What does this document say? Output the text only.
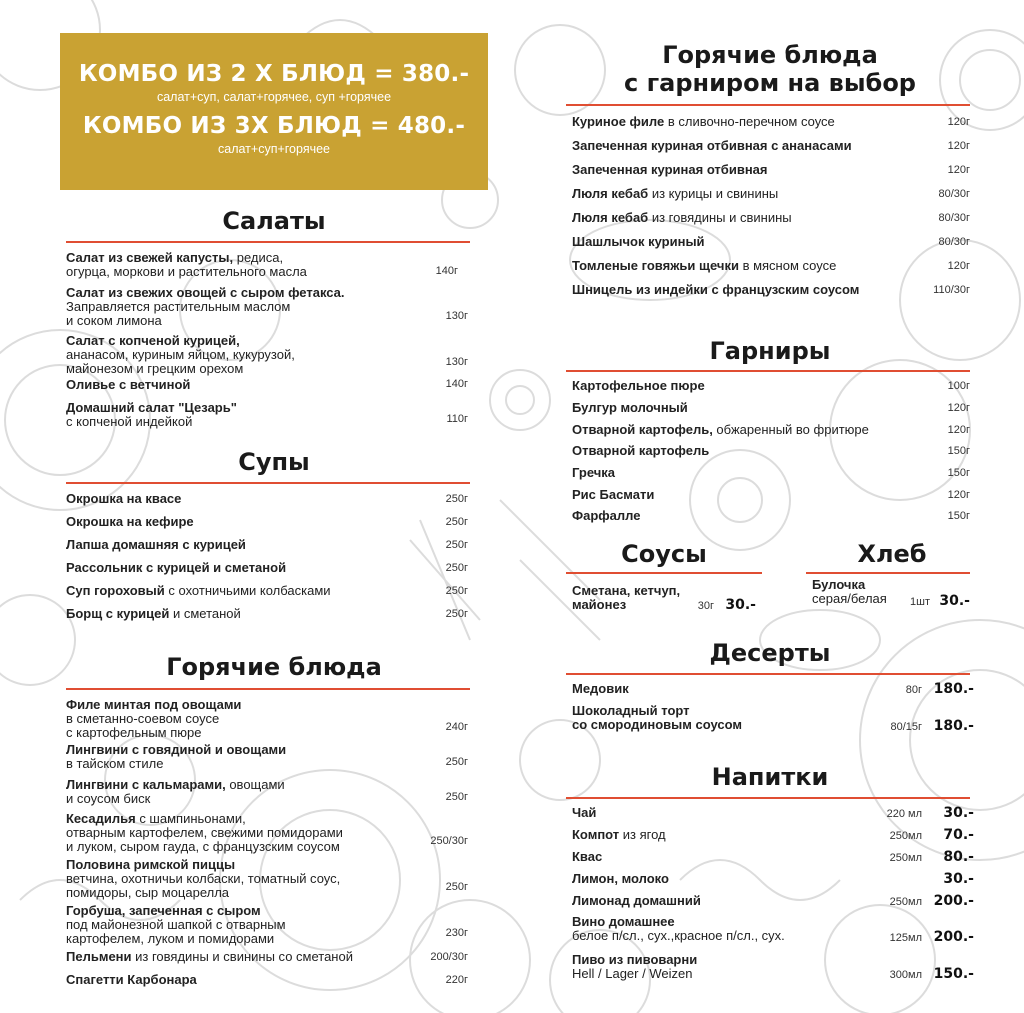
КОМБО ИЗ 2 Х БЛЮД = 380.-
салат+суп, салат+горячее, суп +горячее
КОМБО ИЗ 3Х БЛЮД = 480.-
салат+суп+горячее
Салаты
Салат из свежей капусты, редиса,
огурца, моркови и растительного масла	140г
Салат из свежих овощей с сыром фетакса.
Заправляется растительным маслом
и соком лимона	130г
Салат с копченой курицей,
ананасом, куриным яйцом, кукурузой,
майонезом и грецким орехом	130г
Оливье с ветчиной	140г
Домашний салат "Цезарь"
с копченой индейкой	110г
Супы
Окрошка на квасе	250г
Окрошка на кефире	250г
Лапша домашняя с курицей	250г
Рассольник с курицей и сметаной	250г
Суп гороховый с охотничьими колбасками	250г
Борщ с курицей и сметаной	250г
Горячие блюда
Филе минтая под овощами
в сметанно-соевом соусе
с картофельным пюре	240г
Лингвини с говядиной и овощами
в тайском стиле	250г
Лингвини с кальмарами, овощами
и соусом биск	250г
Кесадилья с шампиньонами,
отварным картофелем, свежими помидорами
и луком, сыром гауда, с французским соусом	250/30г
Половина римской пиццы
ветчина, охотничьи колбаски, томатный соус,
помидоры, сыр моцарелла	250г
Горбуша, запеченная с сыром
под майонезной шапкой с отварным
картофелем, луком и помидорами	230г
Пельмени из говядины и свинины со сметаной	200/30г
Спагетти Карбонара	220г
Горячие блюда
с гарниром на выбор
Куриное филе в сливочно-перечном соусе	120г
Запеченная куриная отбивная с ананасами	120г
Запеченная куриная отбивная	120г
Люля кебаб из курицы и свинины	80/30г
Люля кебаб из говядины и свинины	80/30г
Шашлычок куриный	80/30г
Томленые говяжьи щечки в мясном соусе	120г
Шницель из индейки с французским соусом	110/30г
Гарниры
Картофельное пюре	100г
Булгур молочный	120г
Отварной картофель, обжаренный во фритюре	120г
Отварной картофель	150г
Гречка	150г
Рис Басмати	120г
Фарфалле	150г
Соусы
Сметана, кетчуп,
майонез	30г 30.-
Хлеб
Булочка
серая/белая	1шт 30.-
Десерты
Медовик	80г 180.-
Шоколадный торт
со смородиновым соусом	80/15г 180.-
Напитки
Чай	220 мл	30.-
Компот из ягод	250мл	70.-
Квас	250мл	80.-
Лимон, молоко	30.-
Лимонад домашний	250мл 200.-
Вино домашнее
белое п/сл., сух.,красное п/сл., сух.	125мл 200.-
Пиво из пивоварни
Hell / Lager / Weizen	300мл 150.-
